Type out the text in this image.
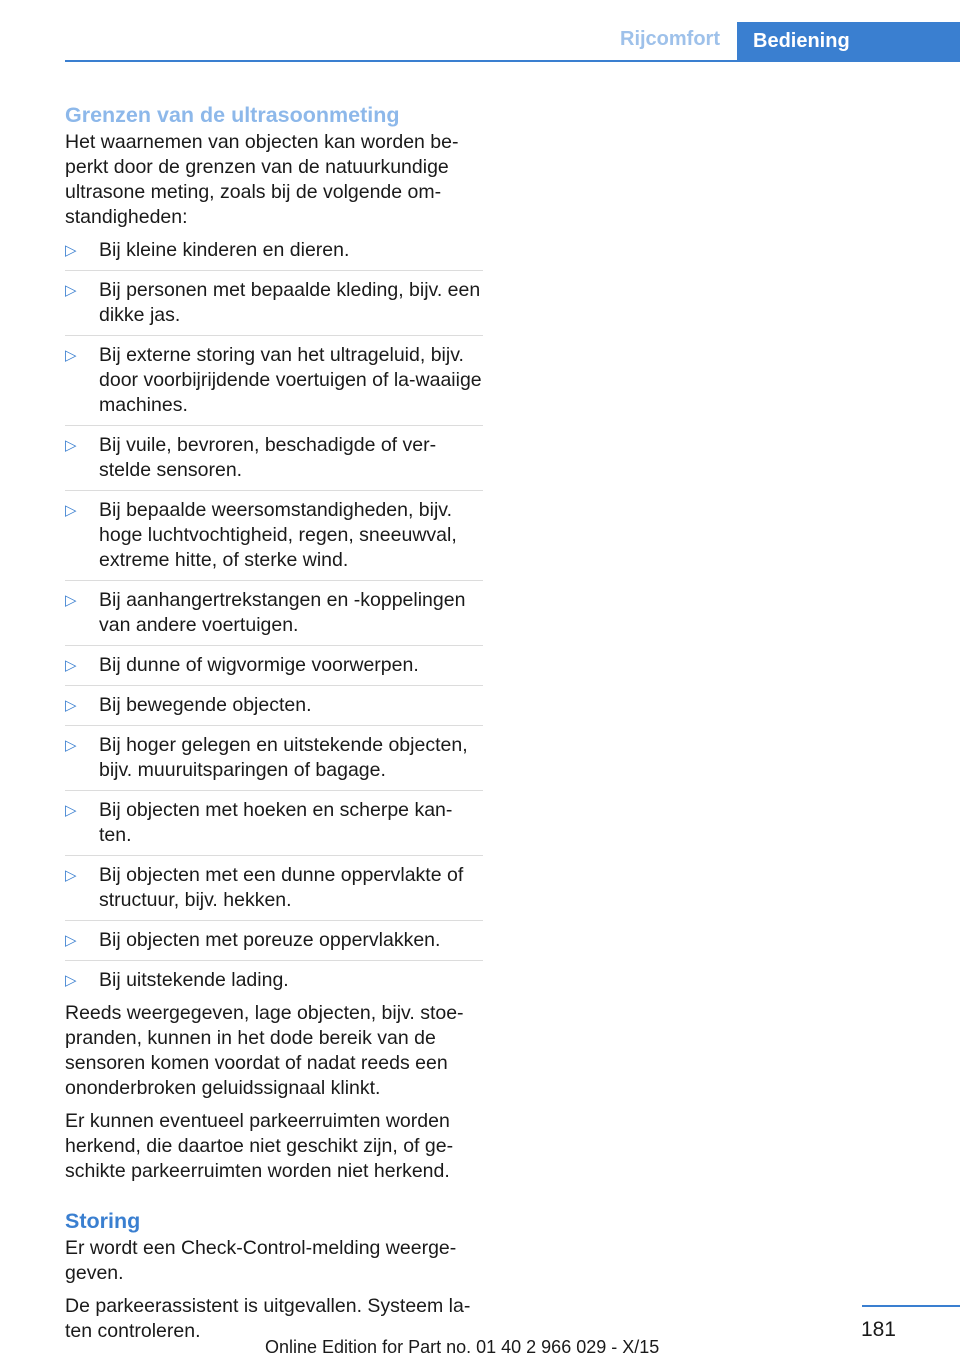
Rijcomfort	Bediening
Grenzen van de ultrasoonmeting

Het waarnemen van objecten kan worden be-perkt door de grenzen van de natuurkundige ultrasone meting, zoals bij de volgende om-standigheden:

▷ Bij kleine kinderen en dieren.
▷ Bij personen met bepaalde kleding, bijv. een dikke jas.
▷ Bij externe storing van het ultrageluid, bijv. door voorbijrijdende voertuigen of la-waaiige machines.
▷ Bij vuile, bevroren, beschadigde of ver-stelde sensoren.
▷ Bij bepaalde weersomstandigheden, bijv. hoge luchtvochtigheid, regen, sneeuwval, extreme hitte, of sterke wind.
▷ Bij aanhangertrekstangen en -koppelingen van andere voertuigen.
▷ Bij dunne of wigvormige voorwerpen.
▷ Bij bewegende objecten.
▷ Bij hoger gelegen en uitstekende objecten, bijv. muuruitsparingen of bagage.
▷ Bij objecten met hoeken en scherpe kan-ten.
▷ Bij objecten met een dunne oppervlakte of structuur, bijv. hekken.
▷ Bij objecten met poreuze oppervlakken.
▷ Bij uitstekende lading.

Reeds weergegeven, lage objecten, bijv. stoe-pranden, kunnen in het dode bereik van de sensoren komen voordat of nadat reeds een ononderbroken geluidssignaal klinkt.

Er kunnen eventueel parkeerruimten worden herkend, die daartoe niet geschikt zijn, of ge-schikte parkeerruimten worden niet herkend.

Storing

Er wordt een Check-Control-melding weerge-geven.

De parkeerassistent is uitgevallen. Systeem la-ten controleren.	181
Online Edition for Part no. 01 40 2 966 029 - X/15
